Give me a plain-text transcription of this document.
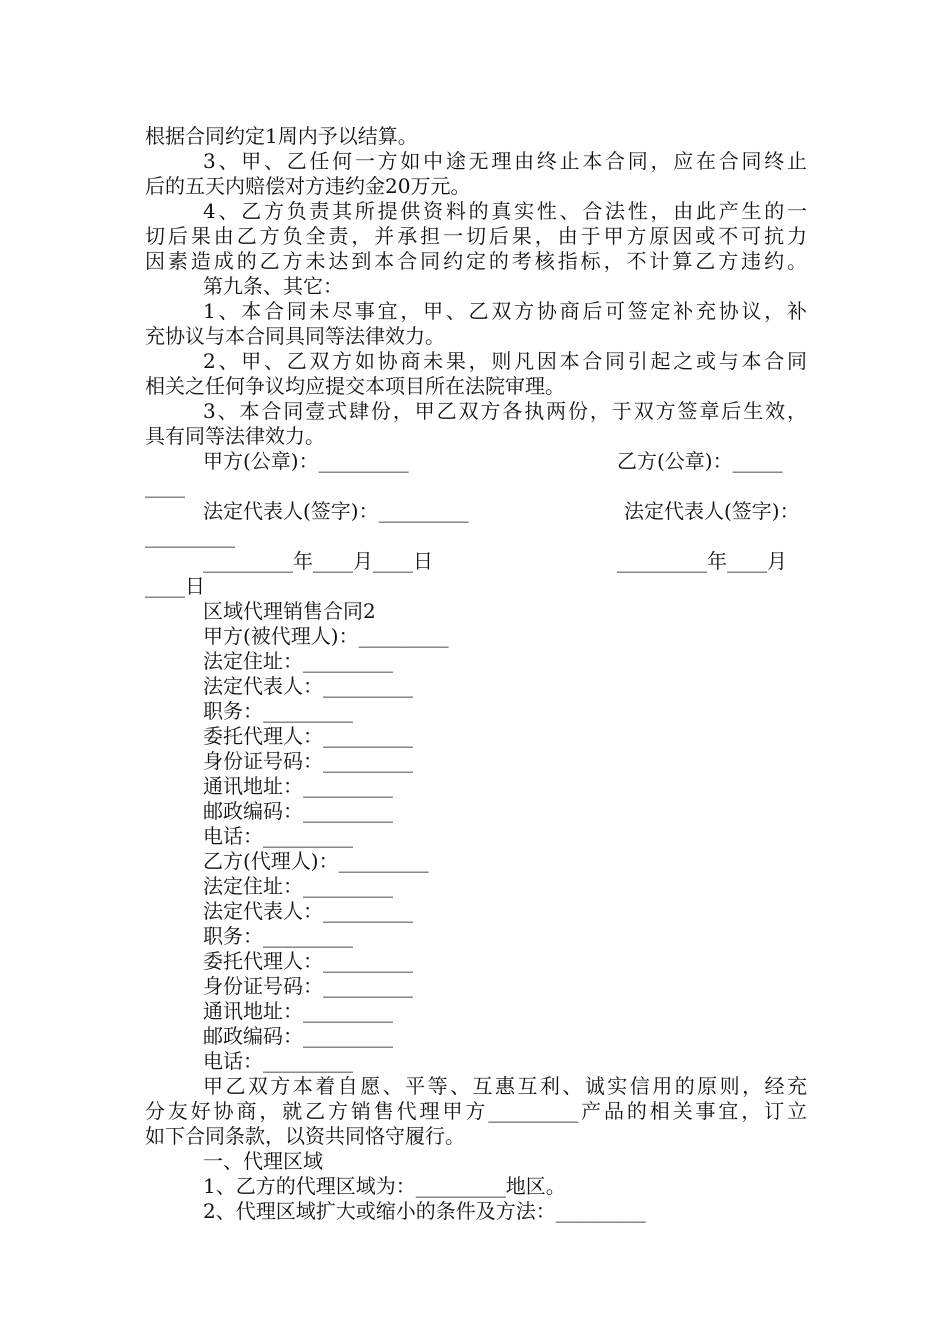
根据合同约定1周内予以结算。
3、甲、乙任何一方如中途无理由终止本合同，应在合同终止
后的五天内赔偿对方违约金20万元。
4、乙方负责其所提供资料的真实性、合法性，由此产生的一
切后果由乙方负全责，并承担一切后果，由于甲方原因或不可抗力
因素造成的乙方未达到本合同约定的考核指标，不计算乙方违约。
第九条、其它：
1、本合同未尽事宜，甲、乙双方协商后可签定补充协议，补
充协议与本合同具同等法律效力。
2、甲、乙双方如协商未果，则凡因本合同引起之或与本合同
相关之任何争议均应提交本项目所在法院审理。
3、本合同壹式肆份，甲乙双方各执两份，于双方签章后生效，
具有同等法律效力。
甲方(公章)：_________	乙方(公章)：_____
____
法定代表人(签字)：_________	法定代表人(签字)：
_________
_________年____月____日	_________年____月
____日
区域代理销售合同2
甲方(被代理人)：_________
法定住址：_________
法定代表人：_________
职务：_________
委托代理人：_________
身份证号码：_________
通讯地址：_________
邮政编码：_________
电话：_________
乙方(代理人)：_________
法定住址：_________
法定代表人：_________
职务：_________
委托代理人：_________
身份证号码：_________
通讯地址：_________
邮政编码：_________
电话：_________
甲乙双方本着自愿、平等、互惠互利、诚实信用的原则，经充
分友好协商，就乙方销售代理甲方_________产品的相关事宜，订立
如下合同条款，以资共同恪守履行。
一、代理区域
1、乙方的代理区域为：_________地区。
2、代理区域扩大或缩小的条件及方法：_________
